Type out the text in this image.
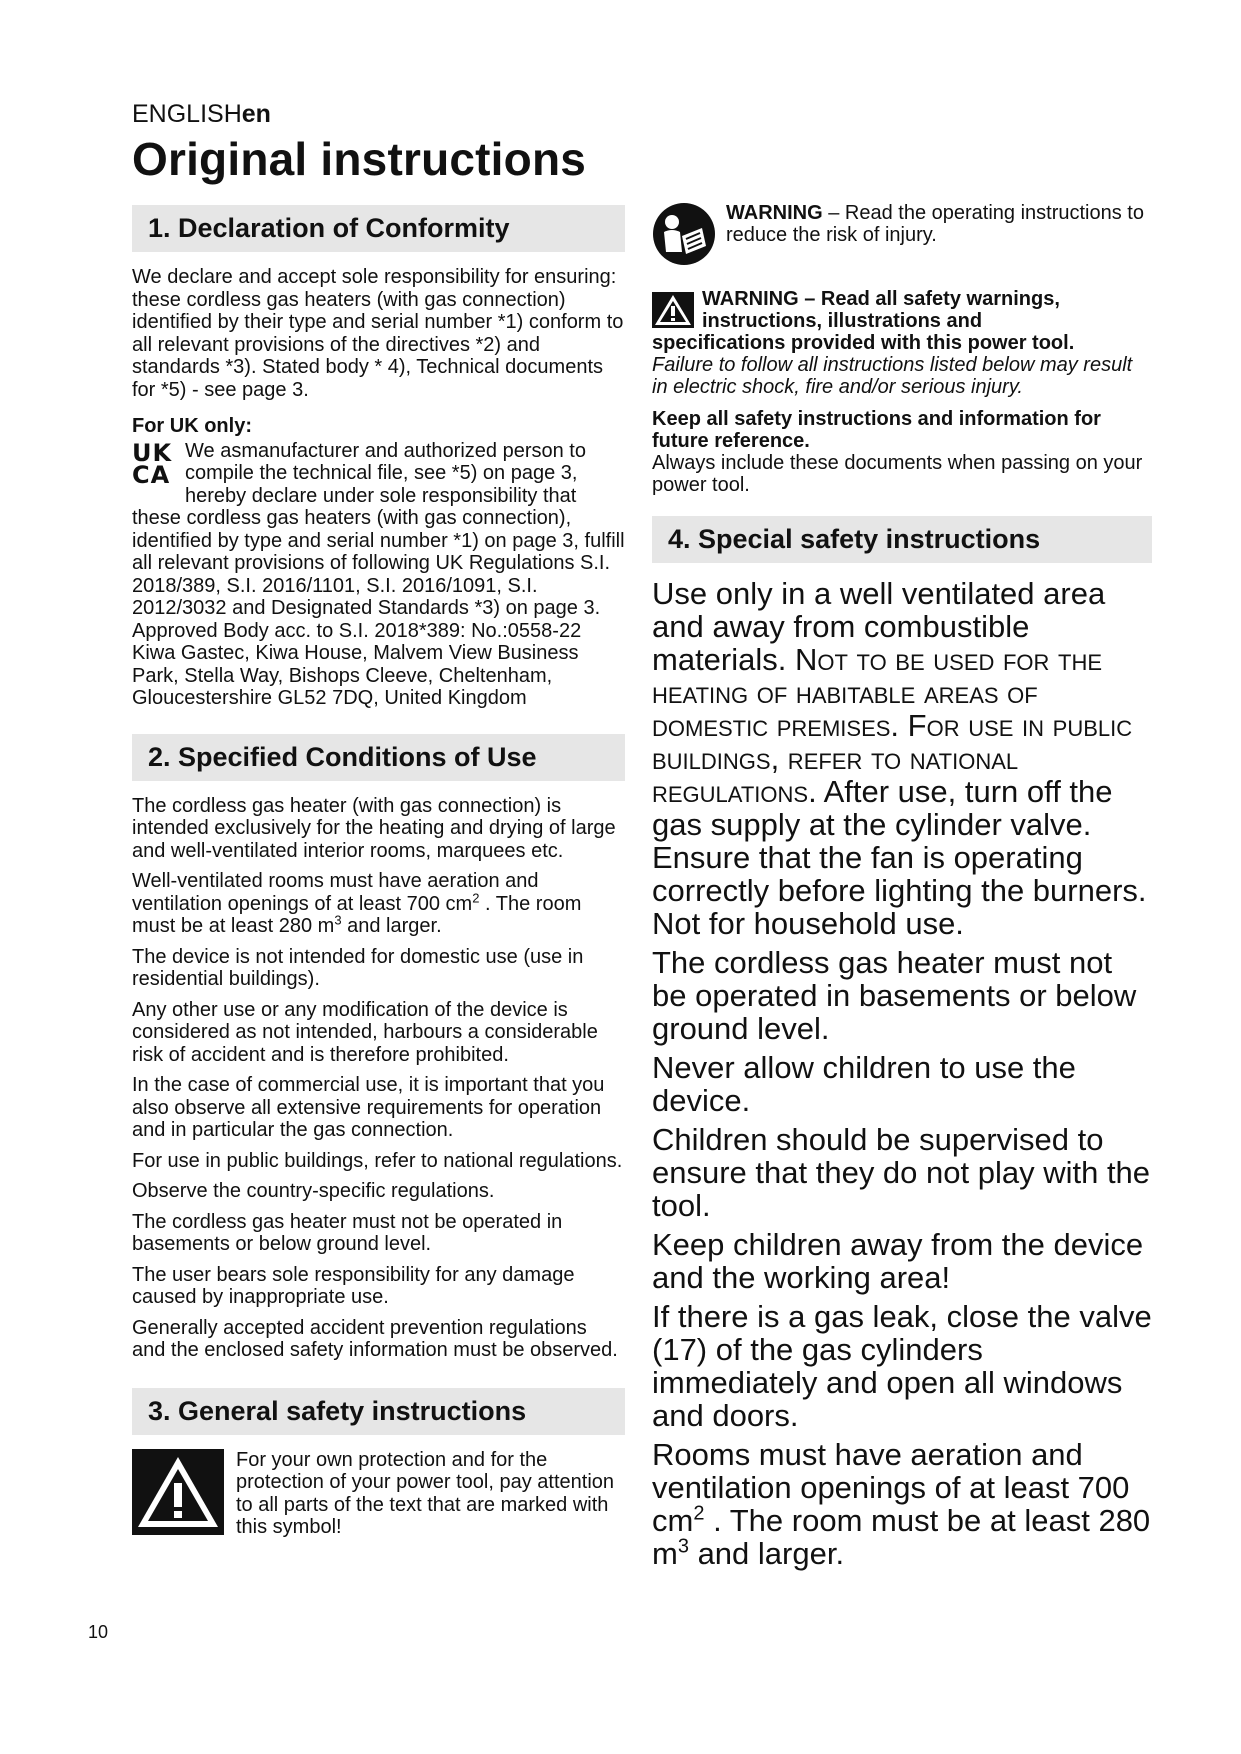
ENGLISHen
Original instructions
1. Declaration of Conformity
We declare and accept sole responsibility for ensuring: these cordless gas heaters (with gas connection) identified by their type and serial number *1) conform to all relevant provisions of the directives *2) and standards *3). Stated body * 4), Technical documents for *5) - see page 3.
For UK only:
UK
CA
We asmanufacturer and authorized person to compile the technical file, see *5) on page 3, hereby declare under sole responsibility that these cordless gas heaters (with gas connection), identified by type and serial number *1) on page 3, fulfill all relevant provisions of following UK Regulations S.I. 2018/389, S.I. 2016/1101, S.I. 2016/1091, S.I. 2012/3032 and Designated Standards *3) on page 3.
Approved Body acc. to S.I. 2018*389: No.:0558-22 Kiwa Gastec, Kiwa House, Malvem View Business Park, Stella Way, Bishops Cleeve, Cheltenham, Gloucestershire GL52 7DQ, United Kingdom
2. Specified Conditions of Use
The cordless gas heater (with gas connection) is intended exclusively for the heating and drying of large and well-ventilated interior rooms, marquees etc.
Well-ventilated rooms must have aeration and ventilation openings of at least 700 $cm^2$ . The room must be at least 280 $m^3$ and larger.
The device is not intended for domestic use (use in residential buildings).
Any other use or any modification of the device is considered as not intended, harbours a considerable risk of accident and is therefore prohibited.
In the case of commercial use, it is important that you also observe all extensive requirements for operation and in particular the gas connection.
For use in public buildings, refer to national regulations.
Observe the country-specific regulations.
The cordless gas heater must not be operated in basements or below ground level.
The user bears sole responsibility for any damage caused by inappropriate use.
Generally accepted accident prevention regulations and the enclosed safety information must be observed.
3. General safety instructions
For your own protection and for the protection of your power tool, pay attention to all parts of the text that are marked with this symbol!
WARNING – Read the operating instructions to reduce the risk of injury.
WARNING – Read all safety warnings,
instructions, illustrations and
specifications provided with this power tool.
Failure to follow all instructions listed below may result in electric shock, fire and/or serious injury.
Keep all safety instructions and information for future reference.
Always include these documents when passing on your power tool.
4. Special safety instructions
Use only in a well ventilated area and away from combustible materials. Not to be used for the heating of habitable areas of domestic premises. For use in public buildings, refer to national regulations. After use, turn off the gas supply at the cylinder valve. Ensure that the fan is operating correctly before lighting the burners. Not for household use.
The cordless gas heater must not be operated in basements or below ground level.
Never allow children to use the device.
Children should be supervised to ensure that they do not play with the tool.
Keep children away from the device and the working area!
If there is a gas leak, close the valve (17) of the gas cylinders immediately and open all windows and doors.
Rooms must have aeration and ventilation openings of at least 700 $cm^2$ . The room must be at least 280 $m^3$ and larger.
10
